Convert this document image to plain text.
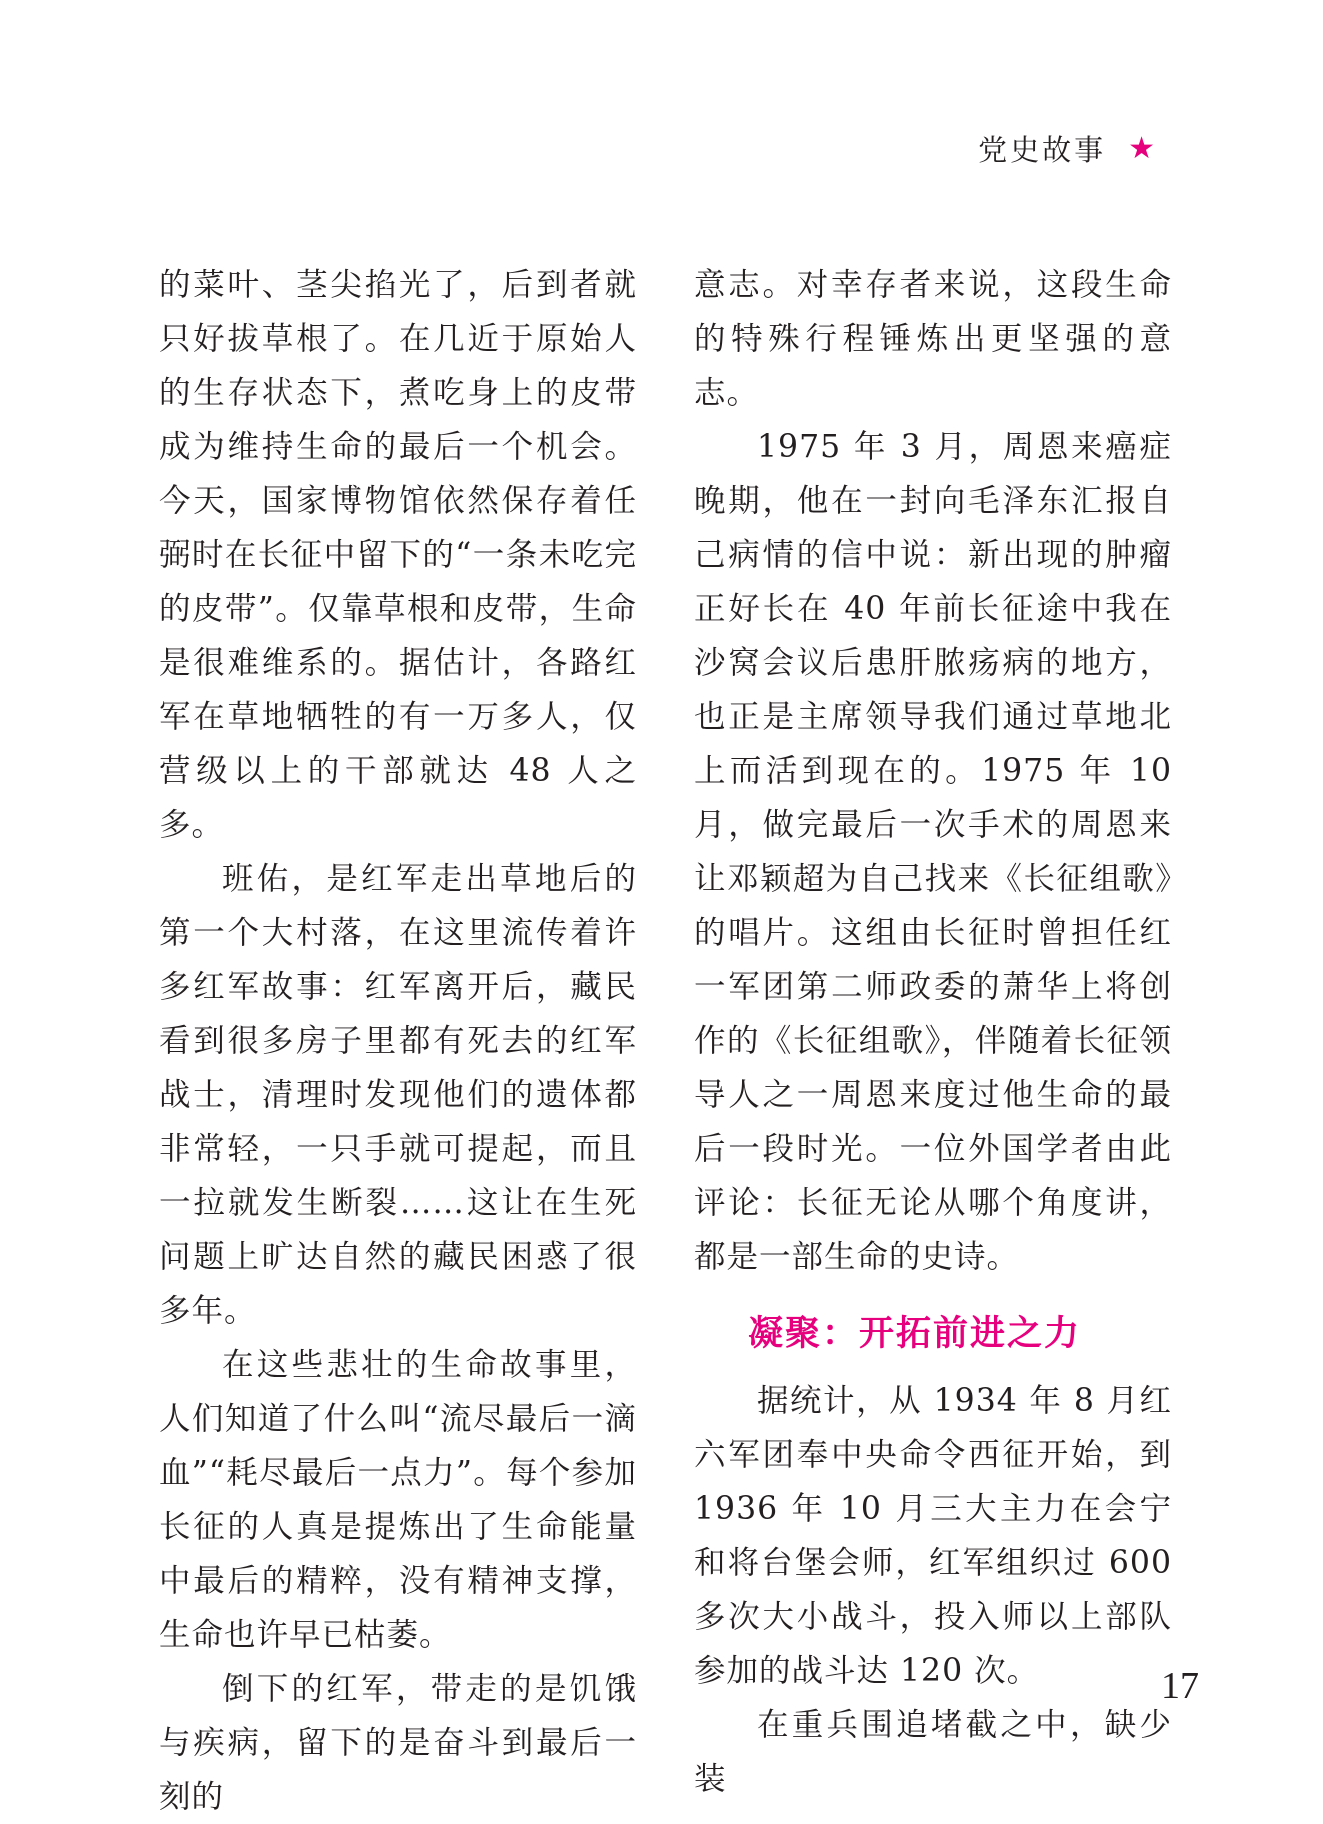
党史故事 ★

的菜叶、茎尖掐光了，后到者就只好拔草根了。在几近于原始人的生存状态下，煮吃身上的皮带成为维持生命的最后一个机会。今天，国家博物馆依然保存着任弼时在长征中留下的“一条未吃完的皮带”。仅靠草根和皮带，生命是很难维系的。据估计，各路红军在草地牺牲的有一万多人，仅营级以上的干部就达 48 人之多。

班佑，是红军走出草地后的第一个大村落，在这里流传着许多红军故事：红军离开后，藏民看到很多房子里都有死去的红军战士，清理时发现他们的遗体都非常轻，一只手就可提起，而且一拉就发生断裂……这让在生死问题上旷达自然的藏民困惑了很多年。

在这些悲壮的生命故事里，人们知道了什么叫“流尽最后一滴血”“耗尽最后一点力”。每个参加长征的人真是提炼出了生命能量中最后的精粹，没有精神支撑，生命也许早已枯萎。

倒下的红军，带走的是饥饿与疾病，留下的是奋斗到最后一刻的

意志。对幸存者来说，这段生命的特殊行程锤炼出更坚强的意志。

1975 年 3 月，周恩来癌症晚期，他在一封向毛泽东汇报自己病情的信中说：新出现的肿瘤正好长在 40 年前长征途中我在沙窝会议后患肝脓疡病的地方，也正是主席领导我们通过草地北上而活到现在的。1975 年 10 月，做完最后一次手术的周恩来让邓颖超为自己找来《长征组歌》的唱片。这组由长征时曾担任红一军团第二师政委的萧华上将创作的《长征组歌》，伴随着长征领导人之一周恩来度过他生命的最后一段时光。一位外国学者由此评论：长征无论从哪个角度讲，都是一部生命的史诗。

凝聚：开拓前进之力

据统计，从 1934 年 8 月红六军团奉中央命令西征开始，到 1936 年 10 月三大主力在会宁和将台堡会师，红军组织过 600 多次大小战斗，投入师以上部队参加的战斗达 120 次。

在重兵围追堵截之中，缺少装

17
